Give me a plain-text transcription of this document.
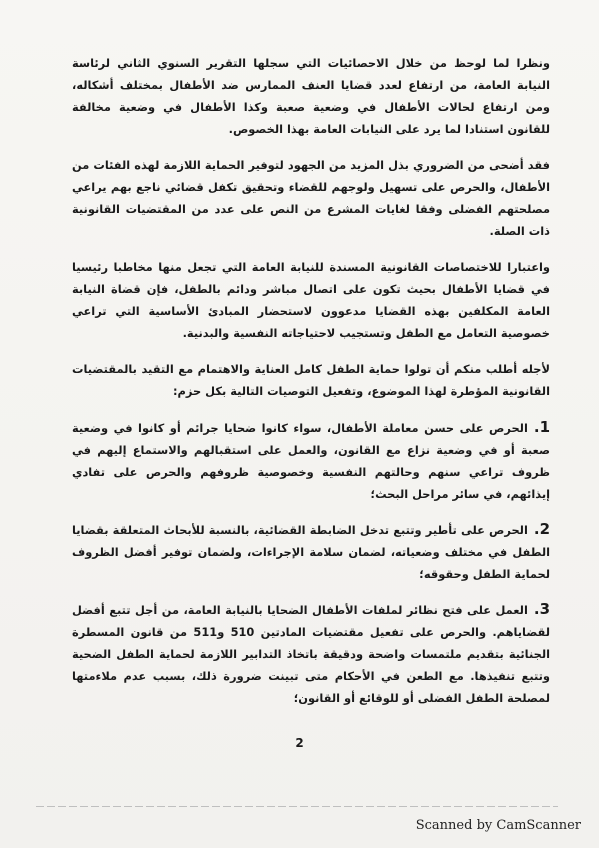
ونظرا لما لوحظ من خلال الاحصائيات التي سجلها التقرير السنوي الثاني لرئاسة النيابة العامة، من ارتفاع لعدد قضايا العنف الممارس ضد الأطفال بمختلف أشكاله، ومن ارتفاع لحالات الأطفال في وضعية صعبة وكذا الأطفال في وضعية مخالفة للقانون استنادا لما يرد على النيابات العامة بهذا الخصوص.

فقد أضحى من الضروري بذل المزيد من الجهود لتوفير الحماية اللازمة لهذه الفئات من الأطفال، والحرص على تسهيل ولوجهم للقضاء وتحقيق تكفل قضائي ناجع بهم يراعي مصلحتهم الفضلى وفقا لغايات المشرع من النص على عدد من المقتضيات القانونية ذات الصلة.

واعتبارا للاختصاصات القانونية المسندة للنيابة العامة التي تجعل منها مخاطبا رئيسيا في قضايا الأطفال بحيث تكون على اتصال مباشر ودائم بالطفل، فإن قضاة النيابة العامة المكلفين بهذه القضايا مدعوون لاستحضار المبادئ الأساسية التي تراعي خصوصية التعامل مع الطفل وتستجيب لاحتياجاته النفسية والبدنية.

لأجله أطلب منكم أن تولوا حماية الطفل كامل العناية والاهتمام مع التقيد بالمقتضيات القانونية المؤطرة لهذا الموضوع، وتفعيل التوصيات التالية بكل حزم:

1.الحرص على حسن معاملة الأطفال، سواء كانوا ضحايا جرائم أو كانوا في وضعية صعبة أو في وضعية نزاع مع القانون، والعمل على استقبالهم والاستماع إليهم في ظروف تراعي سنهم وحالتهم النفسية وخصوصية ظروفهم والحرص على تفادي إيذائهم، في سائر مراحل البحث؛

2.الحرص على تأطير وتتبع تدخل الضابطة القضائية، بالنسبة للأبحاث المتعلقة بقضايا الطفل في مختلف وضعياته، لضمان سلامة الإجراءات، ولضمان توفير أفضل الظروف لحماية الطفل وحقوقه؛

3.العمل على فتح نظائر لملفات الأطفال الضحايا بالنيابة العامة، من أجل تتبع أفضل لقضاياهم. والحرص على تفعيل مقتضيات المادتين 510 و511 من قانون المسطرة الجنائية بتقديم ملتمسات واضحة ودقيقة باتخاذ التدابير اللازمة لحماية الطفل الضحية وتتبع تنفيذها. مع الطعن في الأحكام متى تبينت ضرورة ذلك، بسبب عدم ملاءمتها لمصلحة الطفل الفضلى أو للوقائع أو القانون؛

2
Scanned by CamScanner
